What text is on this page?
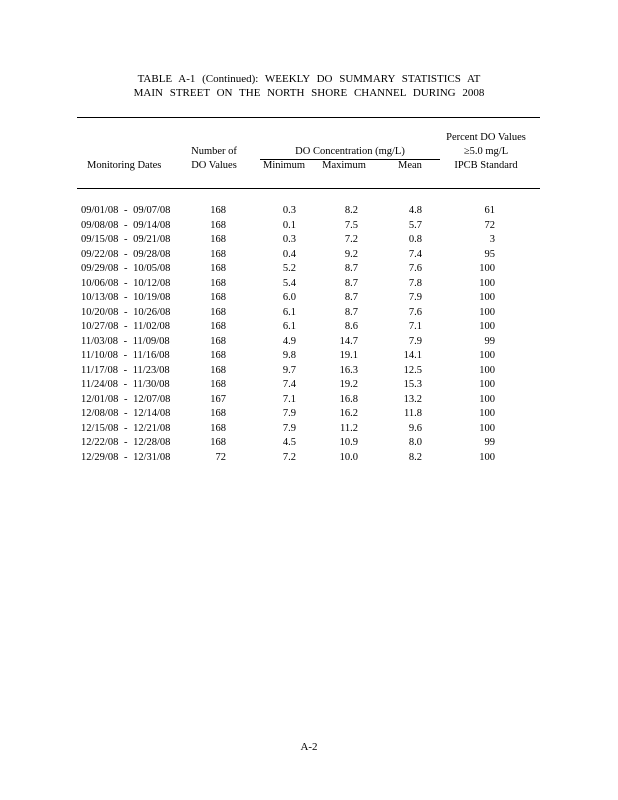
TABLE A-1 (Continued): WEEKLY DO SUMMARY STATISTICS AT
MAIN STREET ON THE NORTH SHORE CHANNEL DURING 2008
Monitoring Dates
Number of
DO Values
DO Concentration (mg/L)
Minimum	Maximum	Mean
Percent DO Values
≥5.0 mg/L
IPCB Standard
09/01/08 - 09/07/08	168	0.3	8.2	4.8	61
09/08/08 - 09/14/08	168	0.1	7.5	5.7	72
09/15/08 - 09/21/08	168	0.3	7.2	0.8	3
09/22/08 - 09/28/08	168	0.4	9.2	7.4	95
09/29/08 - 10/05/08	168	5.2	8.7	7.6	100
10/06/08 - 10/12/08	168	5.4	8.7	7.8	100
10/13/08 - 10/19/08	168	6.0	8.7	7.9	100
10/20/08 - 10/26/08	168	6.1	8.7	7.6	100
10/27/08 - 11/02/08	168	6.1	8.6	7.1	100
11/03/08 - 11/09/08	168	4.9	14.7	7.9	99
11/10/08 - 11/16/08	168	9.8	19.1	14.1	100
11/17/08 - 11/23/08	168	9.7	16.3	12.5	100
11/24/08 - 11/30/08	168	7.4	19.2	15.3	100
12/01/08 - 12/07/08	167	7.1	16.8	13.2	100
12/08/08 - 12/14/08	168	7.9	16.2	11.8	100
12/15/08 - 12/21/08	168	7.9	11.2	9.6	100
12/22/08 - 12/28/08	168	4.5	10.9	8.0	99
12/29/08 - 12/31/08	72	7.2	10.0	8.2	100
A-2
